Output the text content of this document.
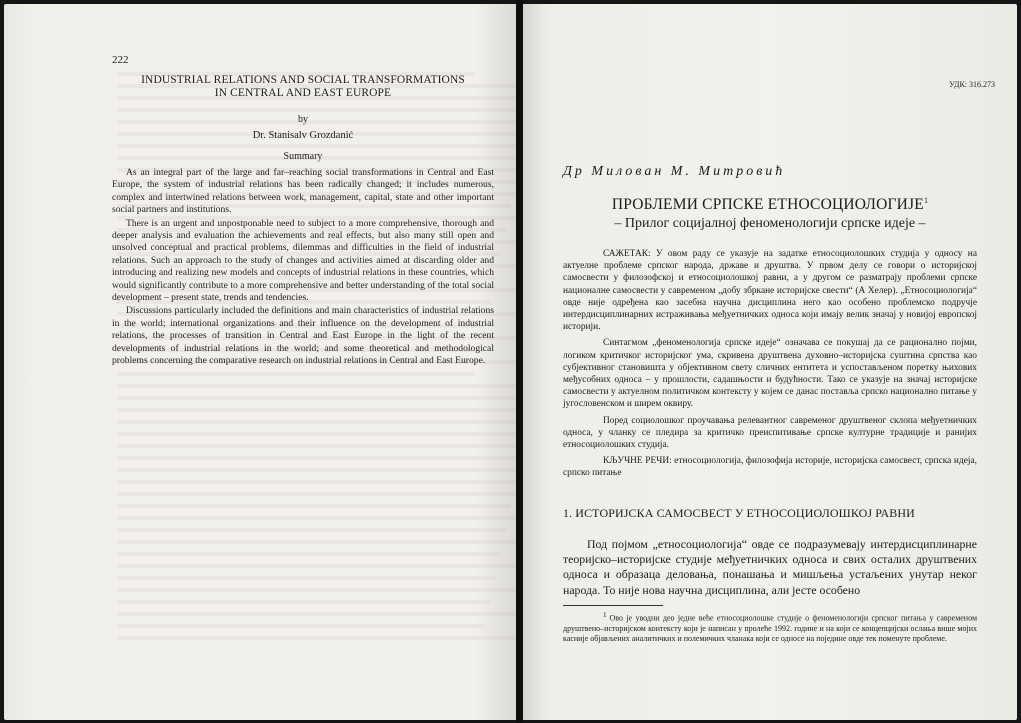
222
INDUSTRIAL RELATIONS AND SOCIAL TRANSFORMATIONS
IN CENTRAL AND EAST EUROPE
by
Dr. Stanisalv Grozdanić
Summary

As an integral part of the large and far–reaching social transformations in Central and East Europe, the system of industrial relations has been radically changed; it includes numerous, complex and intertwined relations between work, management, capital, state and other important social partners and institutions.

There is an urgent and unpostponable need to subject to a more comprehensive, thorough and deeper analysis and evaluation the achievements and real effects, but also many still open and unsolved conceptual and practical problems, dilemmas and difficulties in the field of industrial relations. Such an approach to the study of changes and activities aimed at discarding older and introducing and realizing new models and concepts of industrial relations in these countries, which would significantly contribute to a more comprehensive and better understanding of the total social development – present state, trends and tendencies.

Discussions particularly included the definitions and main characteristics of industrial relations in the world; international organizations and their influence on the development of industrial relations, the processes of transition in Central and East Europe in the light of the recent developments of industrial relations in the world; and some theoretical and methodological problems concerning the comparative research on industrial relations in Central and East Europe.

УДК: 316.273
Др Милован М. Митровић
ПРОБЛЕМИ СРПСКЕ ЕТНОСОЦИОЛОГИЈЕ$^1$
– Прилог социјалној феноменологији српске идеје –

САЖЕТАК: У овом раду се указује на задатке етносоциолошких студија у односу на актуелне проблеме српског народа, државе и друштва. У првом делу се говори о историјској самосвести у филозофској и етносоциолошкој равни, а у другом се разматрају проблеми српске националне самосвести у савременом „добу збркане историјске свести“ (А Хелер). „Етносоциологија“ овде није одређена као засебна научна дисциплина него као особено проблемско подручје интердисциплинарних истраживања међуетничких односа који имају велик значај у новијој европској историји.

Синтагмом „феноменологија српске идеје“ означава се покушај да се рационално појми, логиком критичког историјског ума, скривена друштвена духовно–историјска суштина српства као субјективног становишта у објективном свету сличних ентитета и успостављеном поретку њихових међусобних односа – у прошлости, садашњости и будућности. Тако се указује на значај историјске самосвести у актуелном политичком контексту у којем се данас поставља српско национално питање у југословенском и ширем оквиру.

Поред социолошког проучавања релевантног савременог друштвеног склопа међуетничких односа, у чланку се пледира за критичко преиспитивање српске културне традиције и ранијих етносоциолошких студија.

КЉУЧНЕ РЕЧИ: етносоциологија, филозофија историје, историјска самосвест, српска идеја, српско питање

1. ИСТОРИЈСКА САМОСВЕСТ У ЕТНОСОЦИОЛОШКОЈ РАВНИ

Под појмом „етносоциологија“ овде се подразумевају интердисциплинарне теоријско–историјске студије међуетничких односа и свих осталих друштвених односа и образаца деловања, понашања и мишљења устаљених унутар неког народа. То није нова научна дисциплина, али јесте особено

$^1$ Ово је уводни део једне веће етносоциолошке студије о феноменологији српског питања у савременом друштвено–историјском контексту који је написан у пролеће 1992. године и на који се концепцијски ослања више мојих касније објављених аналитичких и полемичких чланака који се односе на поједине овде тек поменуте проблеме.
